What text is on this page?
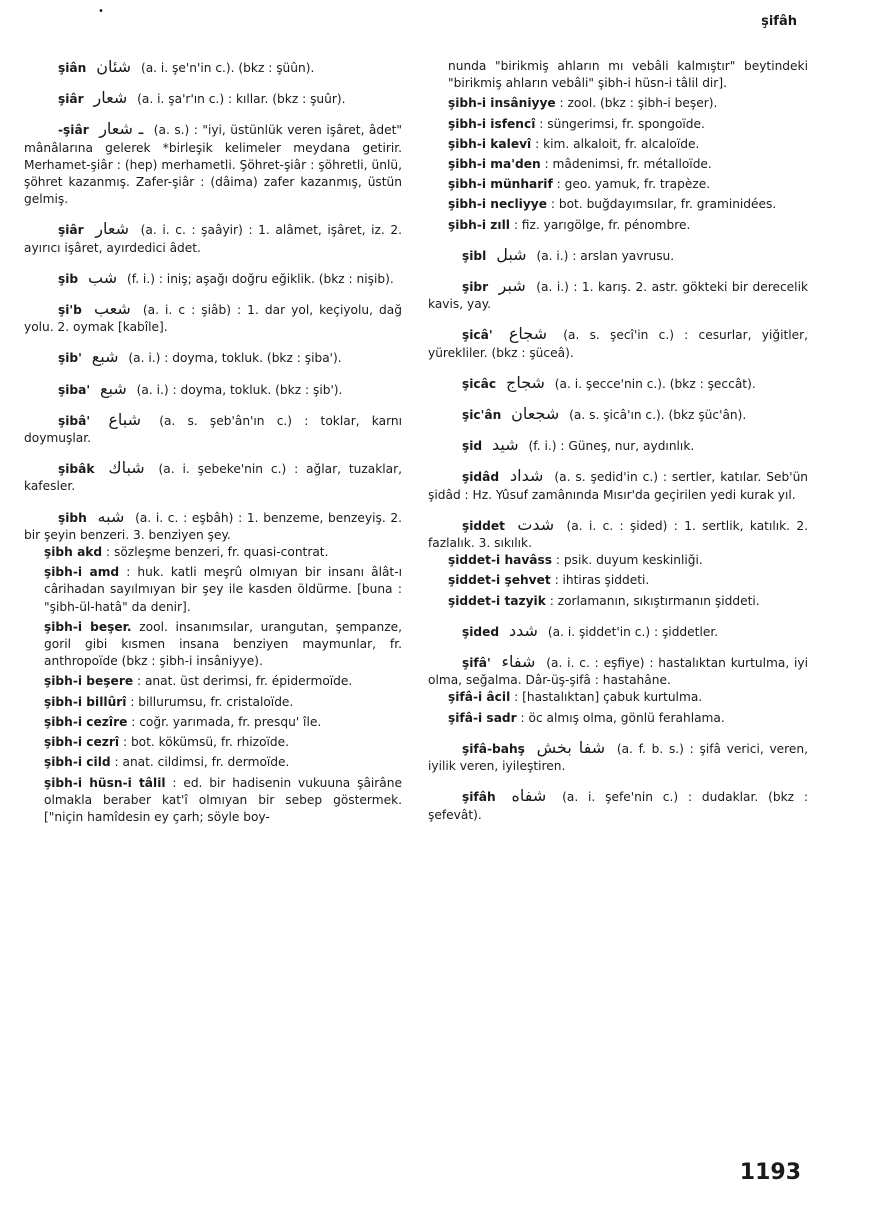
•
şifâh

şiân شئان (a. i. şe'n'in c.). (bkz : şüûn).

şiâr شعار (a. i. şa'r'ın c.) : kıllar. (bkz : şuûr).

-şiâr ـ شعار (a. s.) : "iyi, üstünlük veren işâret, âdet" mânâlarına gelerek *birleşik kelimeler meydana getirir. Merhamet-şiâr : (hep) merhametli. Şöhret-şiâr : şöhretli, ünlü, şöhret kazanmış. Zafer-şiâr : (dâima) zafer kazanmış, üstün gelmiş.

şiâr شعار (a. i. c. : şaâyir) : 1. alâmet, işâret, iz. 2. ayırıcı işâret, ayırdedici âdet.

şib شب (f. i.) : iniş; aşağı doğru eğiklik. (bkz : nişib).

şi'b شعب (a. i. c : şiâb) : 1. dar yol, keçiyolu, dağ yolu. 2. oymak [kabîle].

şib' شبع (a. i.) : doyma, tokluk. (bkz : şiba').

şiba' شبع (a. i.) : doyma, tokluk. (bkz : şib').

şibâ' شباع (a. s. şeb'ân'ın c.) : toklar, karnı doymuşlar.

şibâk شباك (a. i. şebeke'nin c.) : ağlar, tuzaklar, kafesler.

şibh شبه (a. i. c. : eşbâh) : 1. benzeme, benzeyiş. 2. bir şeyin benzeri. 3. benziyen şey.

şibh akd : sözleşme benzeri, fr. quasi-contrat.

şibh-i amd : huk. katli meşrû olmıyan bir insanı âlât-ı cârihadan sayılmıyan bir şey ile kasden öldürme. [buna : "şibh-ül-hatâ" da denir].

şibh-i beşer. zool. insanımsılar, urangutan, şempanze, goril gibi kısmen insana benziyen maymunlar, fr. anthropoïde (bkz : şibh-i insâniyye).

şibh-i beşere : anat. üst derimsi, fr. épidermoïde.

şibh-i billûrî : billurumsu, fr. cristaloïde.

şibh-i cezîre : coğr. yarımada, fr. presqu' île.

şibh-i cezrî : bot. kökümsü, fr. rhizoïde.

şibh-i cild : anat. cildimsi, fr. dermoïde.

şibh-i hüsn-i tâlil : ed. bir hadisenin vukuuna şâirâne olmakla beraber kat'î olmıyan bir sebep göstermek. ["niçin hamîdesin ey çarh; söyle boy-

nunda "birikmiş ahların mı vebâli kalmıştır" beytindeki "birikmiş ahların vebâli" şibh-i hüsn-i tâlil dir].

şibh-i insâniyye : zool. (bkz : şibh-i beşer).

şibh-i isfencî : süngerimsi, fr. spongoïde.

şibh-i kalevî : kim. alkaloit, fr. alcaloïde.

şibh-i ma'den : mâdenimsi, fr. métalloïde.

şibh-i münharif : geo. yamuk, fr. trapèze.

şibh-i necliyye : bot. buğdayımsılar, fr. graminidées.

şibh-i zıll : fiz. yarıgölge, fr. pénombre.

şibl شبل (a. i.) : arslan yavrusu.

şibr شبر (a. i.) : 1. karış. 2. astr. gökteki bir derecelik kavis, yay.

şicâ' شجاع (a. s. şecî'in c.) : cesurlar, yiğitler, yürekliler. (bkz : şüceâ).

şicâc شجاج (a. i. şecce'nin c.). (bkz : şeccât).

şic'ân شجعان (a. s. şicâ'ın c.). (bkz şüc'ân).

şid شيد (f. i.) : Güneş, nur, aydınlık.

şidâd شداد (a. s. şedid'in c.) : sertler, katılar. Seb'ün şidâd : Hz. Yûsuf zamânında Mısır'da geçirilen yedi kurak yıl.

şiddet شدت (a. i. c. : şided) : 1. sertlik, katılık. 2. fazlalık. 3. sıkılık.

şiddet-i havâss : psik. duyum keskinliği.

şiddet-i şehvet : ihtiras şiddeti.

şiddet-i tazyik : zorlamanın, sıkıştırmanın şiddeti.

şided شدد (a. i. şiddet'in c.) : şiddetler.

şifâ' شفاء (a. i. c. : eşfiye) : hastalıktan kurtulma, iyi olma, seğalma. Dâr-üş-şifâ : hastahâne.

şifâ-i âcil : [hastalıktan] çabuk kurtulma.

şifâ-i sadr : öc almış olma, gönlü ferahlama.

şifâ-bahş شفا بخش (a. f. b. s.) : şifâ verici, veren, iyilik veren, iyileştiren.

şifâh شفاه (a. i. şefe'nin c.) : dudaklar. (bkz : şefevât).

1193
